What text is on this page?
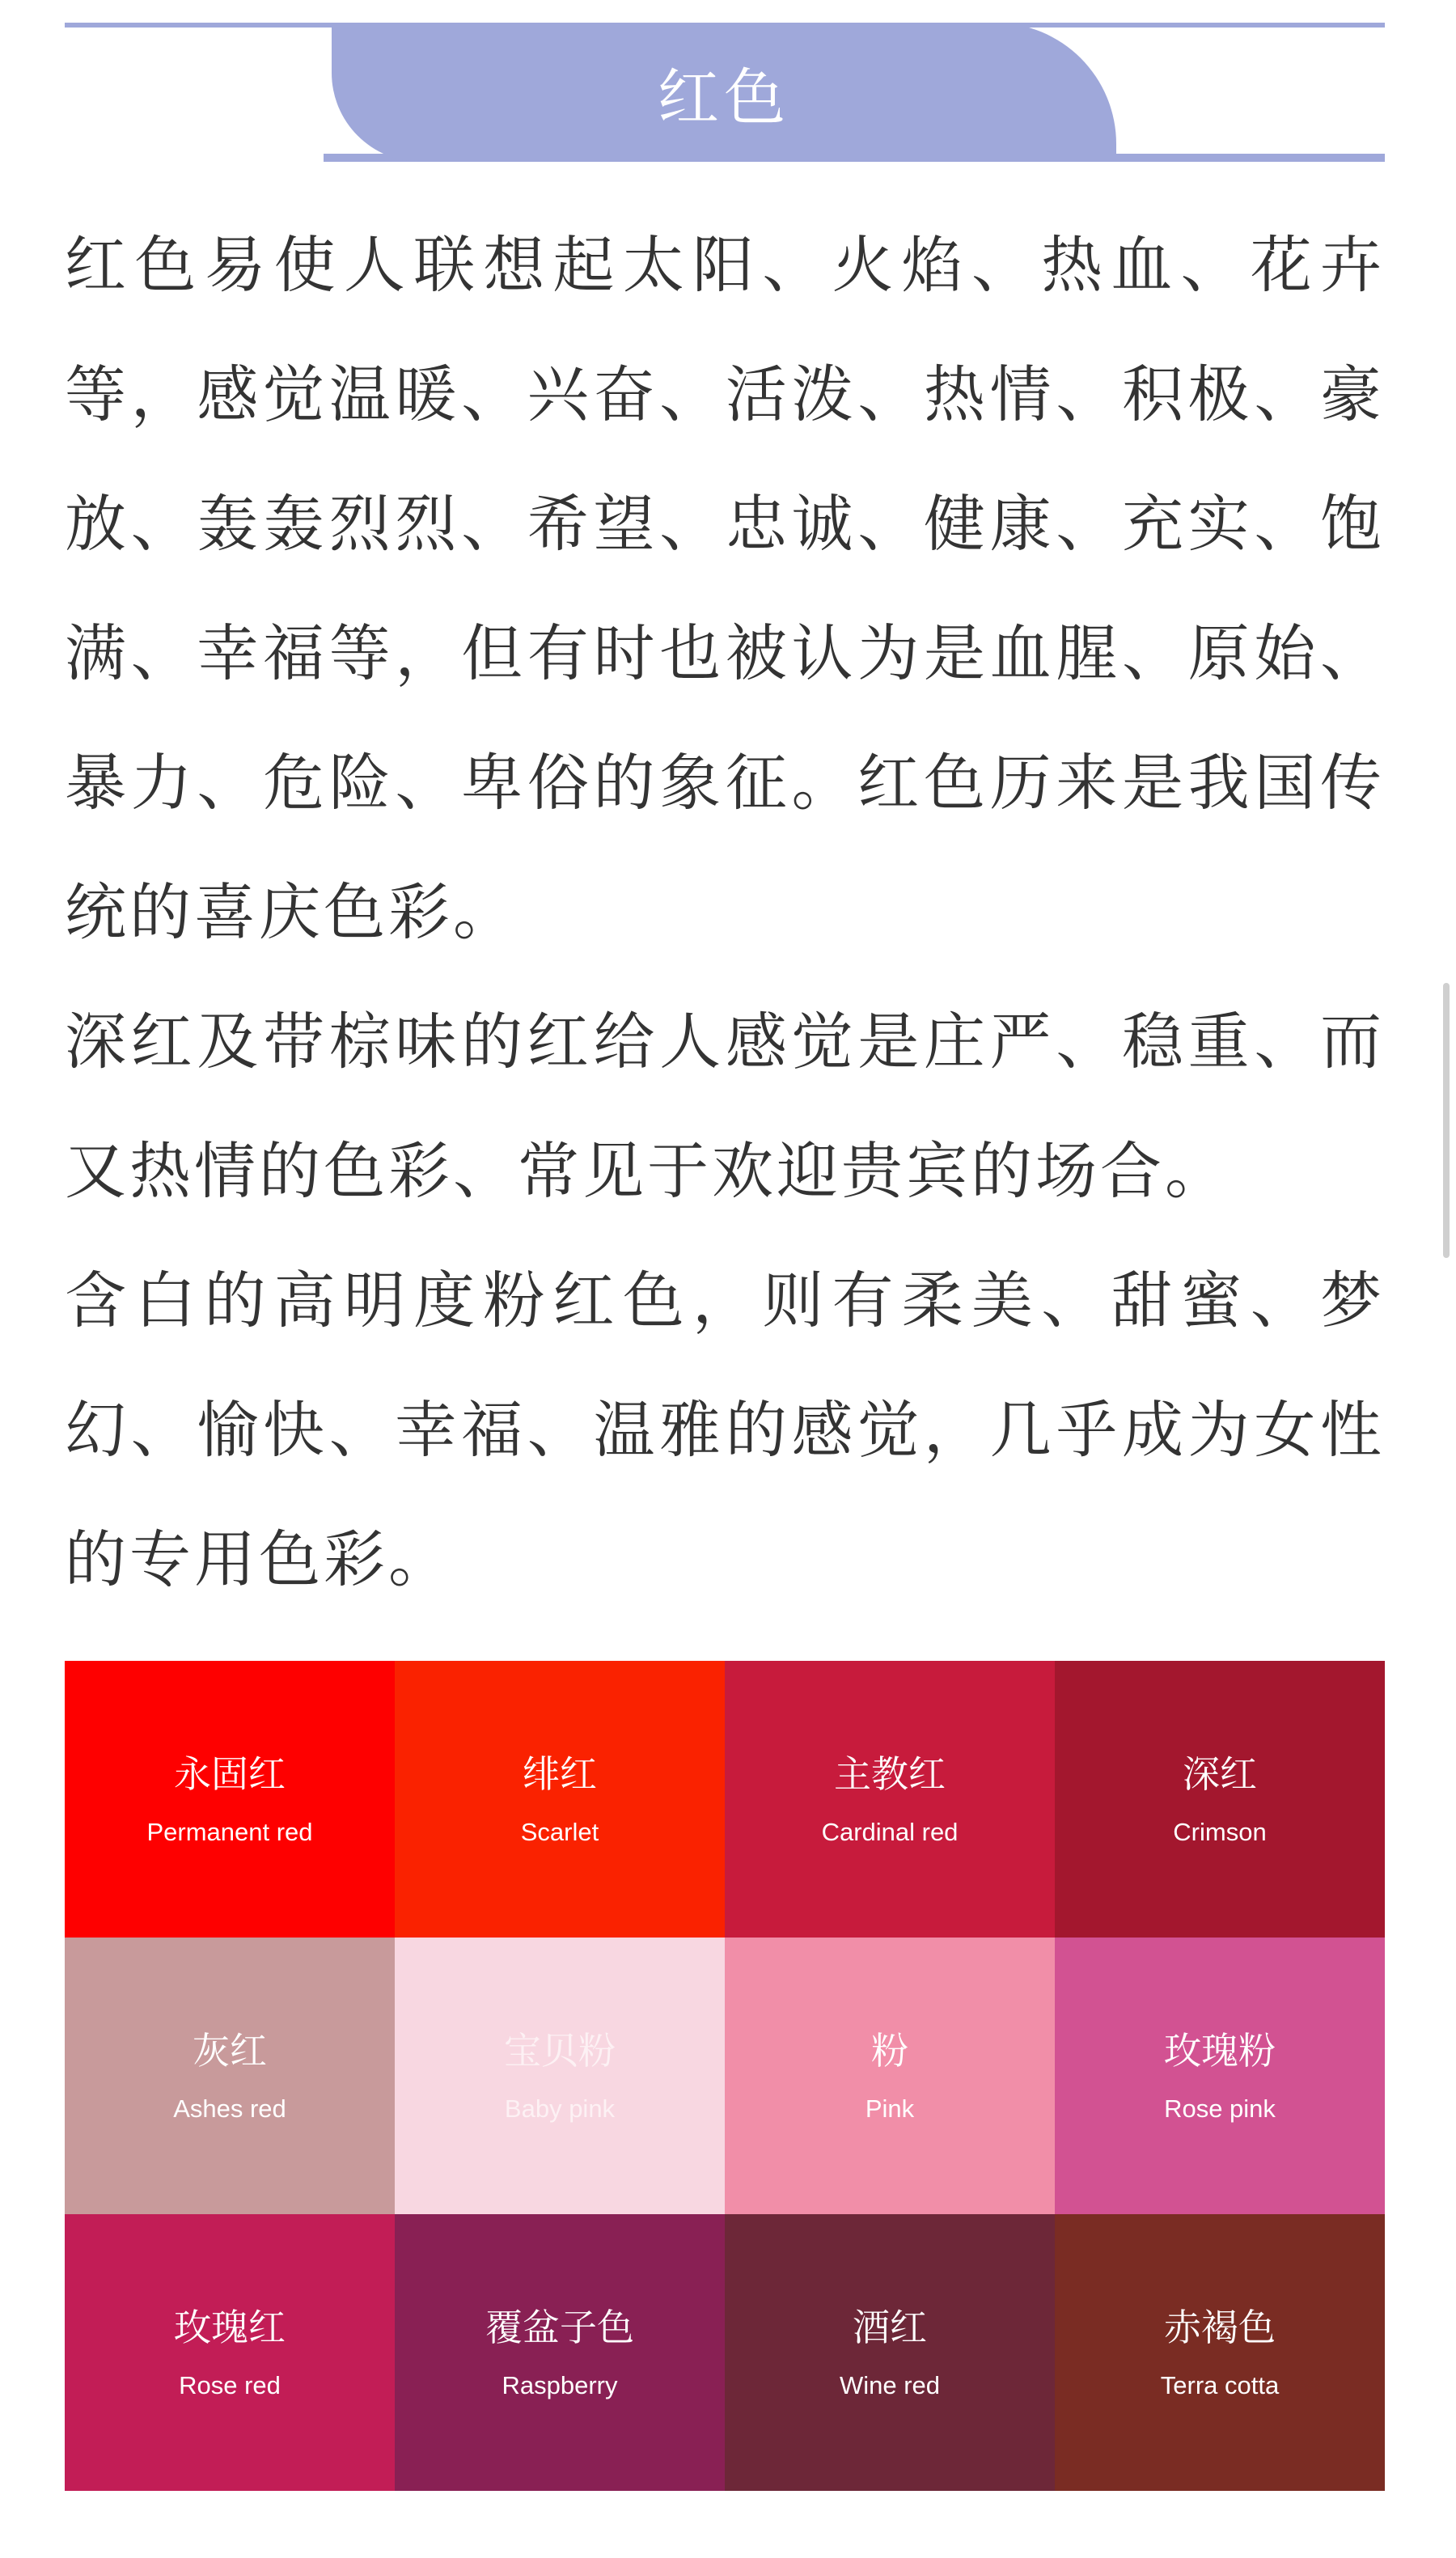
红色

红色易使人联想起太阳、火焰、热血、花卉等，感觉温暖、兴奋、活泼、热情、积极、豪放、轰轰烈烈、希望、忠诚、健康、充实、饱满、幸福等，但有时也被认为是血腥、原始、暴力、危险、卑俗的象征。红色历来是我国传统的喜庆色彩。

深红及带棕味的红给人感觉是庄严、稳重、而又热情的色彩、常见于欢迎贵宾的场合。

含白的高明度粉红色，则有柔美、甜蜜、梦幻、愉快、幸福、温雅的感觉，几乎成为女性的专用色彩。

永固红
Permanent red
绯红
Scarlet
主教红
Cardinal red
深红
Crimson
灰红
Ashes red
宝贝粉
Baby pink
粉
Pink
玫瑰粉
Rose pink
玫瑰红
Rose red
覆盆子色
Raspberry
酒红
Wine red
赤褐色
Terra cotta
